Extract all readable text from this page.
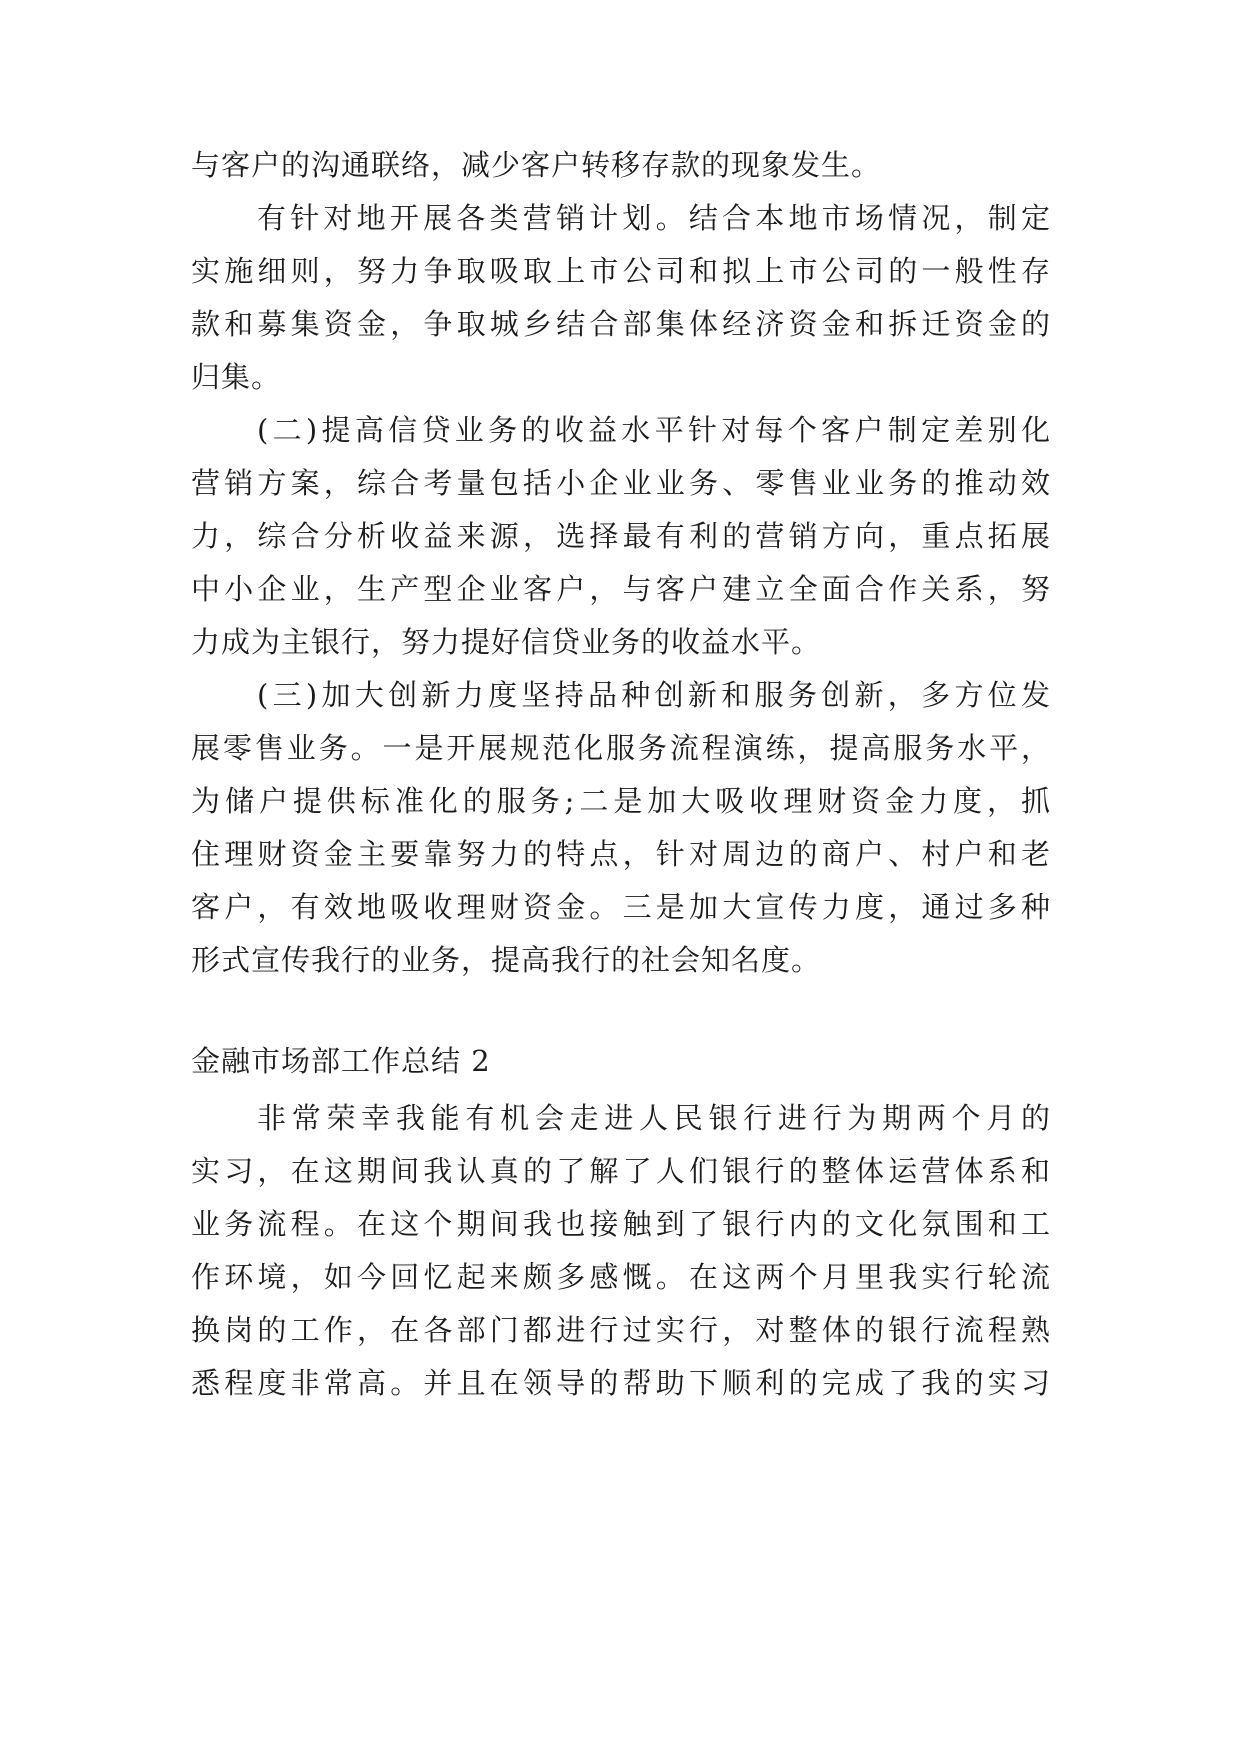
与客户的沟通联络，减少客户转移存款的现象发生。
有针对地开展各类营销计划。结合本地市场情况，制定
实施细则，努力争取吸取上市公司和拟上市公司的一般性存
款和募集资金，争取城乡结合部集体经济资金和拆迁资金的
归集。
(二)提高信贷业务的收益水平针对每个客户制定差别化
营销方案，综合考量包括小企业业务、零售业业务的推动效
力，综合分析收益来源，选择最有利的营销方向，重点拓展
中小企业，生产型企业客户，与客户建立全面合作关系，努
力成为主银行，努力提好信贷业务的收益水平。
(三)加大创新力度坚持品种创新和服务创新，多方位发
展零售业务。一是开展规范化服务流程演练，提高服务水平，
为储户提供标准化的服务;二是加大吸收理财资金力度，抓
住理财资金主要靠努力的特点，针对周边的商户、村户和老
客户，有效地吸收理财资金。三是加大宣传力度，通过多种
形式宣传我行的业务，提高我行的社会知名度。
金融市场部工作总结 2
非常荣幸我能有机会走进人民银行进行为期两个月的
实习，在这期间我认真的了解了人们银行的整体运营体系和
业务流程。在这个期间我也接触到了银行内的文化氛围和工
作环境，如今回忆起来颇多感慨。在这两个月里我实行轮流
换岗的工作，在各部门都进行过实行，对整体的银行流程熟
悉程度非常高。并且在领导的帮助下顺利的完成了我的实习
